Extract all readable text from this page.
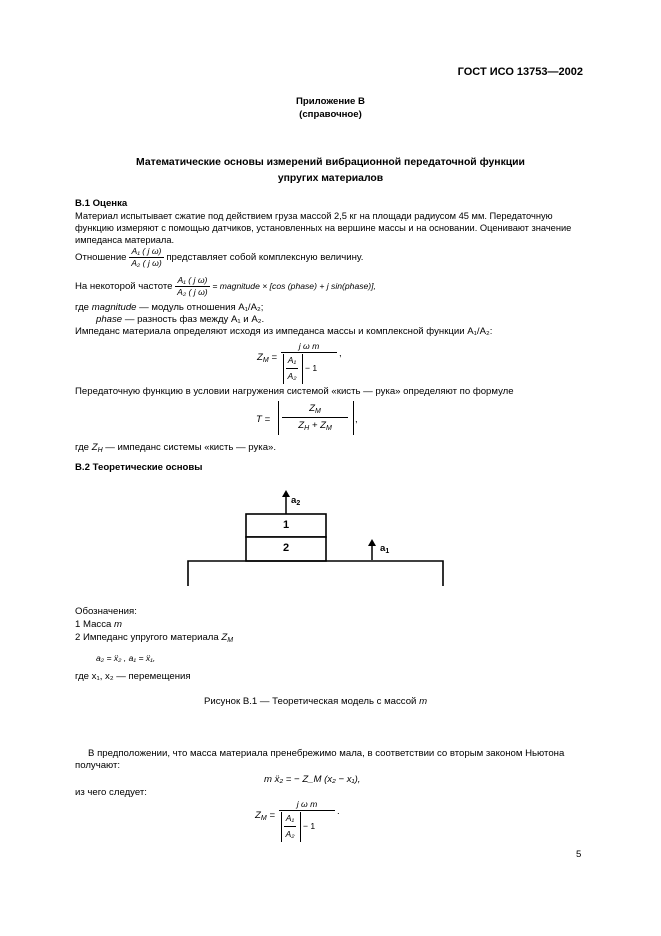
ГОСТ ИСО 13753—2002
Приложение В
(справочное)
Математические основы измерений вибрационной передаточной функции
упругих материалов
В.1 Оценка
Материал испытывает сжатие под действием груза массой 2,5 кг на площади радиусом 45 мм. Передаточную
функцию измеряют с помощью датчиков, установленных на вершине массы и на основании. Оценивают значение
импеданса материала.
Отношение $\frac{\text{A₁ ( j ω)}}{\text{A₂ ( j ω)}}$ представляет собой комплексную величину.
На некоторой частоте $\frac{\text{A₁ ( j ω)}}{\text{A₂ ( j ω)}}$ = magnitude × [cos (phase) + j sin(phase)],
где magnitude — модуль отношения A₁/A₂;
phase — разность фаз между A₁ и A₂.
Импеданс материала определяют исходя из импеданса массы и комплексной функции A₁/A₂:
$Z_M$ =
j ω m
A₁
A₂
− 1
,
Передаточную функцию в условии нагружения системой «кисть — рука» определяют по формуле
T =
$Z_M$
$Z_H + Z_M$
,
где $Z_H$ — импеданс системы «кисть — рука».
В.2 Теоретические основы
$a_2$
$a_1$
1
2
Обозначения:
1 Масса m
2 Импеданс упругого материала $Z_M$
a₂ = ẍ₂ , a₁ = ẍ₁,
где x₁, x₂ — перемещения
Рисунок В.1 — Теоретическая модель с массой m
В предположении, что масса материала пренебрежимо мала, в соответствии со вторым законом Ньютона
получают:
m ẍ₂ = − Z_M (x₂ − x₁),
из чего следует:
$Z_M$ =
j ω m
A₁
A₂
− 1
.
5
